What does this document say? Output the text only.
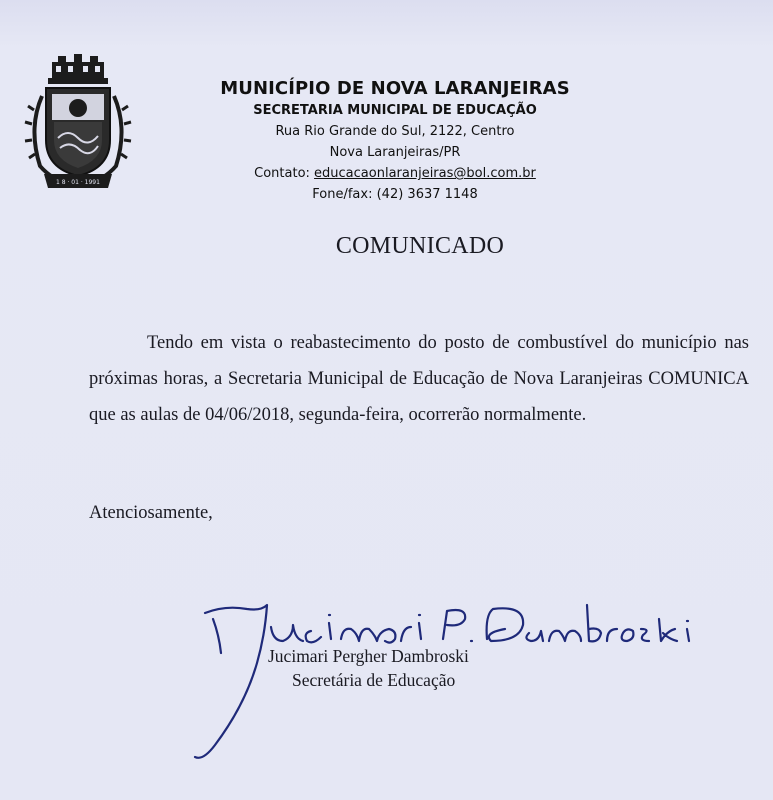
1 8 · 01 · 1991
MUNICÍPIO DE NOVA LARANJEIRAS
SECRETARIA MUNICIPAL DE EDUCAÇÃO
Rua Rio Grande do Sul, 2122, Centro
Nova Laranjeiras/PR
Contato: educacaonlaranjeiras@bol.com.br
Fone/fax: (42) 3637 1148
COMUNICADO
Tendo em vista o reabastecimento do posto de combustível do município nas próximas horas, a Secretaria Municipal de Educação de Nova Laranjeiras COMUNICA que as aulas de 04/06/2018, segunda-feira, ocorrerão normalmente.
Atenciosamente,
Jucimari Pergher Dambroski
Secretária de Educação
